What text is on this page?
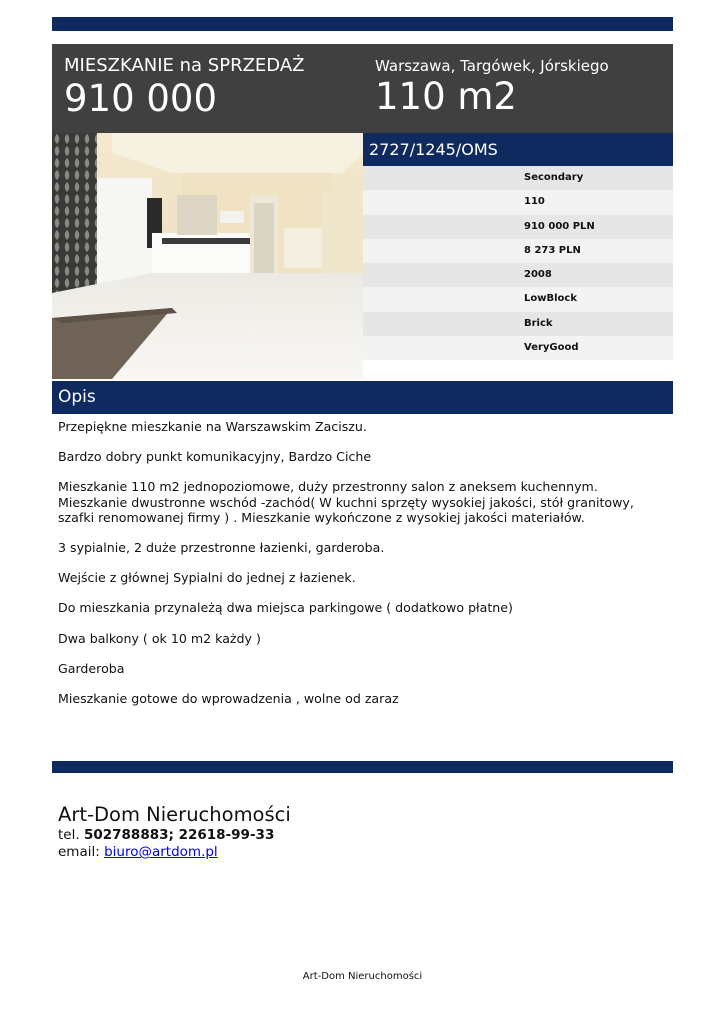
MIESZKANIE na SPRZEDAŻ
910 000
Warszawa, Targówek, Jórskiego
110 m2
2727/1245/OMS
Secondary
110
910 000 PLN
8 273 PLN
2008
LowBlock
Brick
VeryGood
Opis

Przepiękne mieszkanie na Warszawskim Zaciszu.

Bardzo dobry punkt komunikacyjny, Bardzo Ciche

Mieszkanie 110 m2 jednopoziomowe, duży przestronny salon z aneksem kuchennym. Mieszkanie dwustronne wschód -zachód( W kuchni sprzęty wysokiej jakości, stół granitowy, szafki renomowanej firmy ) . Mieszkanie wykończone z wysokiej jakości materiałów.

3 sypialnie, 2 duże przestronne łazienki, garderoba.

Wejście z głównej Sypialni do jednej z łazienek.

Do mieszkania przynależą dwa miejsca parkingowe ( dodatkowo płatne)

Dwa balkony ( ok 10 m2 każdy )

Garderoba

Mieszkanie gotowe do wprowadzenia , wolne od zaraz

Art-Dom Nieruchomości
tel. 502788883; 22618-99-33
email: biuro@artdom.pl
Art-Dom Nieruchomości
